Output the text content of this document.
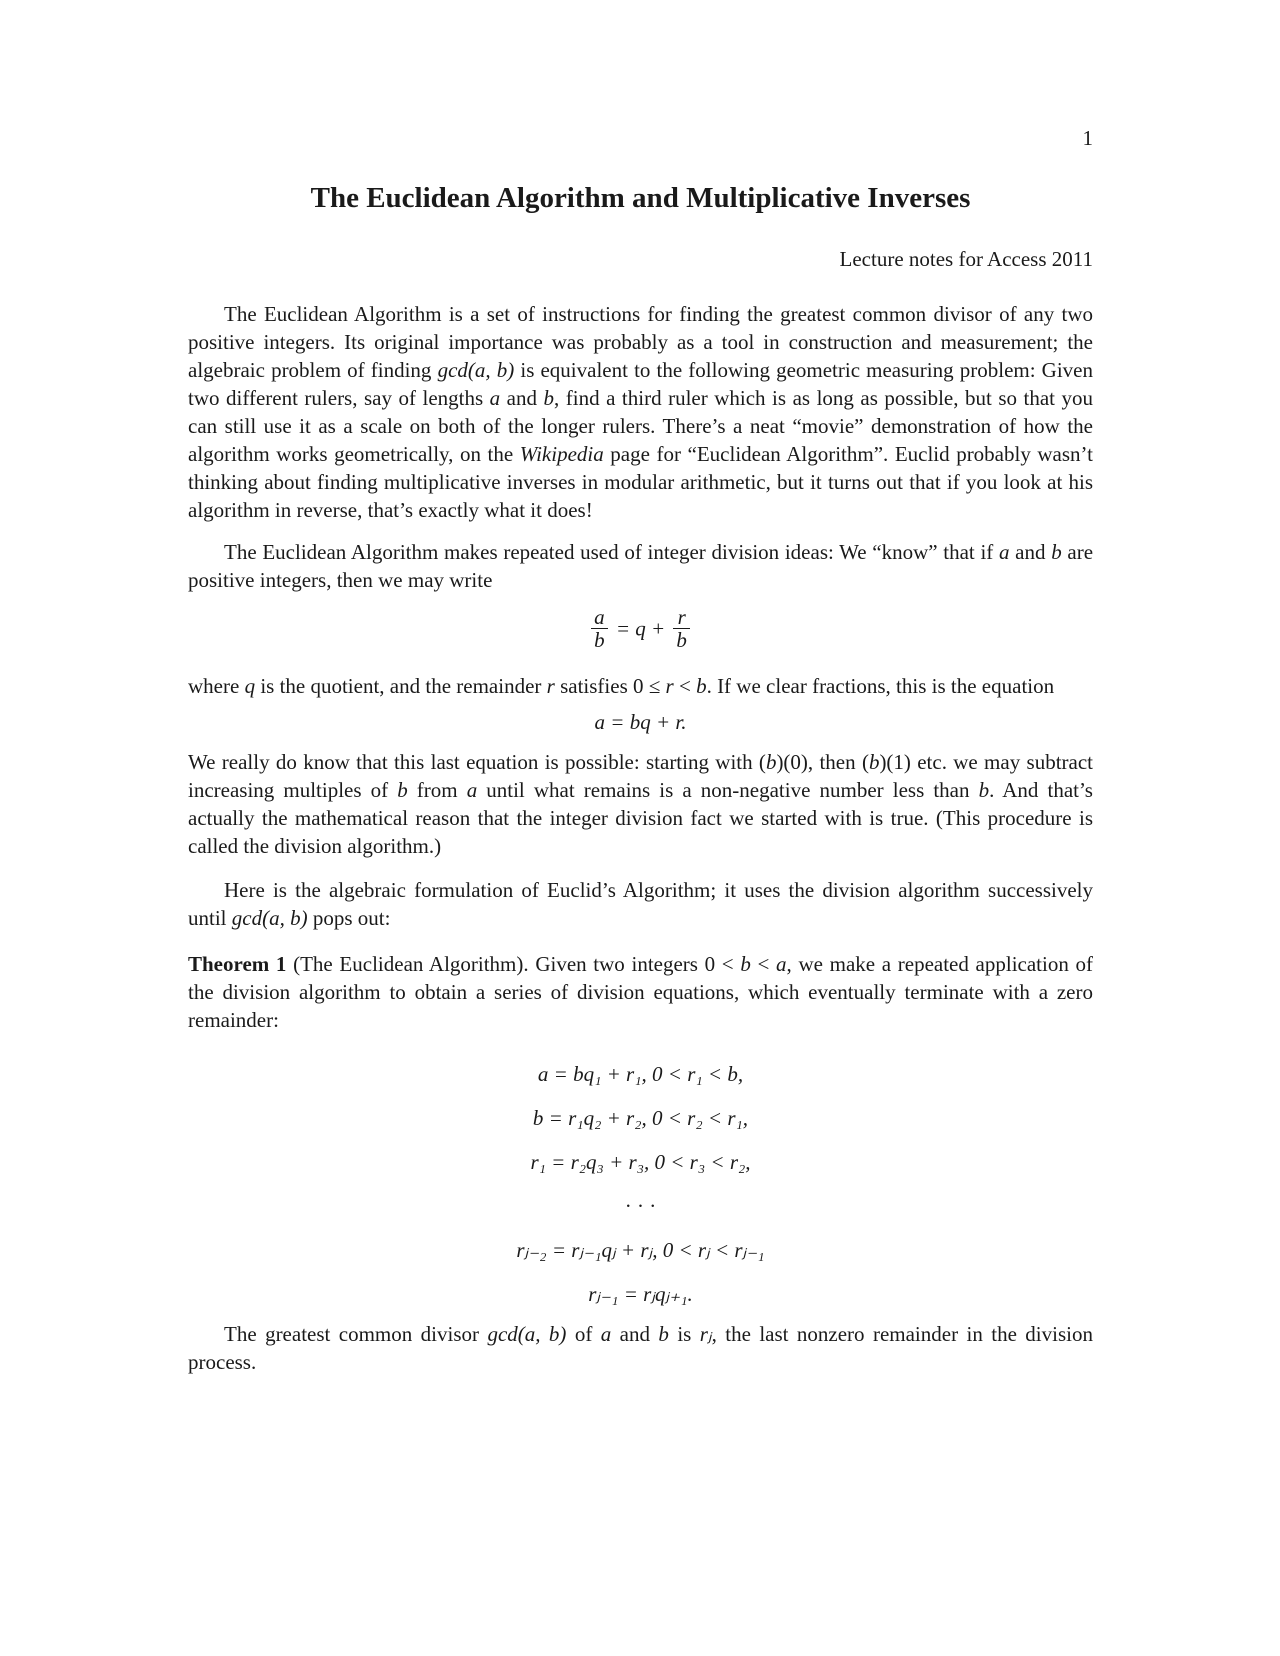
1
The Euclidean Algorithm and Multiplicative Inverses
Lecture notes for Access 2011

The Euclidean Algorithm is a set of instructions for finding the greatest common divisor of any two positive integers. Its original importance was probably as a tool in construction and measurement; the algebraic problem of finding gcd(a, b) is equivalent to the following geometric measuring problem: Given two different rulers, say of lengths a and b, find a third ruler which is as long as possible, but so that you can still use it as a scale on both of the longer rulers. There’s a neat “movie” demonstration of how the algorithm works geometrically, on the Wikipedia page for “Euclidean Algorithm”. Euclid probably wasn’t thinking about finding multiplicative inverses in modular arithmetic, but it turns out that if you look at his algorithm in reverse, that’s exactly what it does!

The Euclidean Algorithm makes repeated used of integer division ideas: We “know” that if a and b are positive integers, then we may write

$\frac{a}{b} = q + \frac{r}{b}$

where q is the quotient, and the remainder r satisfies 0 ≤ r < b. If we clear fractions, this is the equation

a = bq + r.

We really do know that this last equation is possible: starting with (b)(0), then (b)(1) etc. we may subtract increasing multiples of b from a until what remains is a non-negative number less than b. And that’s actually the mathematical reason that the integer division fact we started with is true. (This procedure is called the division algorithm.)

Here is the algebraic formulation of Euclid’s Algorithm; it uses the division algorithm successively until gcd(a, b) pops out:

Theorem 1 (The Euclidean Algorithm). Given two integers 0 < b < a, we make a repeated application of the division algorithm to obtain a series of division equations, which eventually terminate with a zero remainder:

a = bq₁ + r₁, 0 < r₁ < b,
b = r₁q₂ + r₂, 0 < r₂ < r₁,
r₁ = r₂q₃ + r₃, 0 < r₃ < r₂,
· · ·
rⱼ₋₂ = rⱼ₋₁qⱼ + rⱼ, 0 < rⱼ < rⱼ₋₁
rⱼ₋₁ = rⱼqⱼ₊₁.

The greatest common divisor gcd(a, b) of a and b is rⱼ, the last nonzero remainder in the division process.
